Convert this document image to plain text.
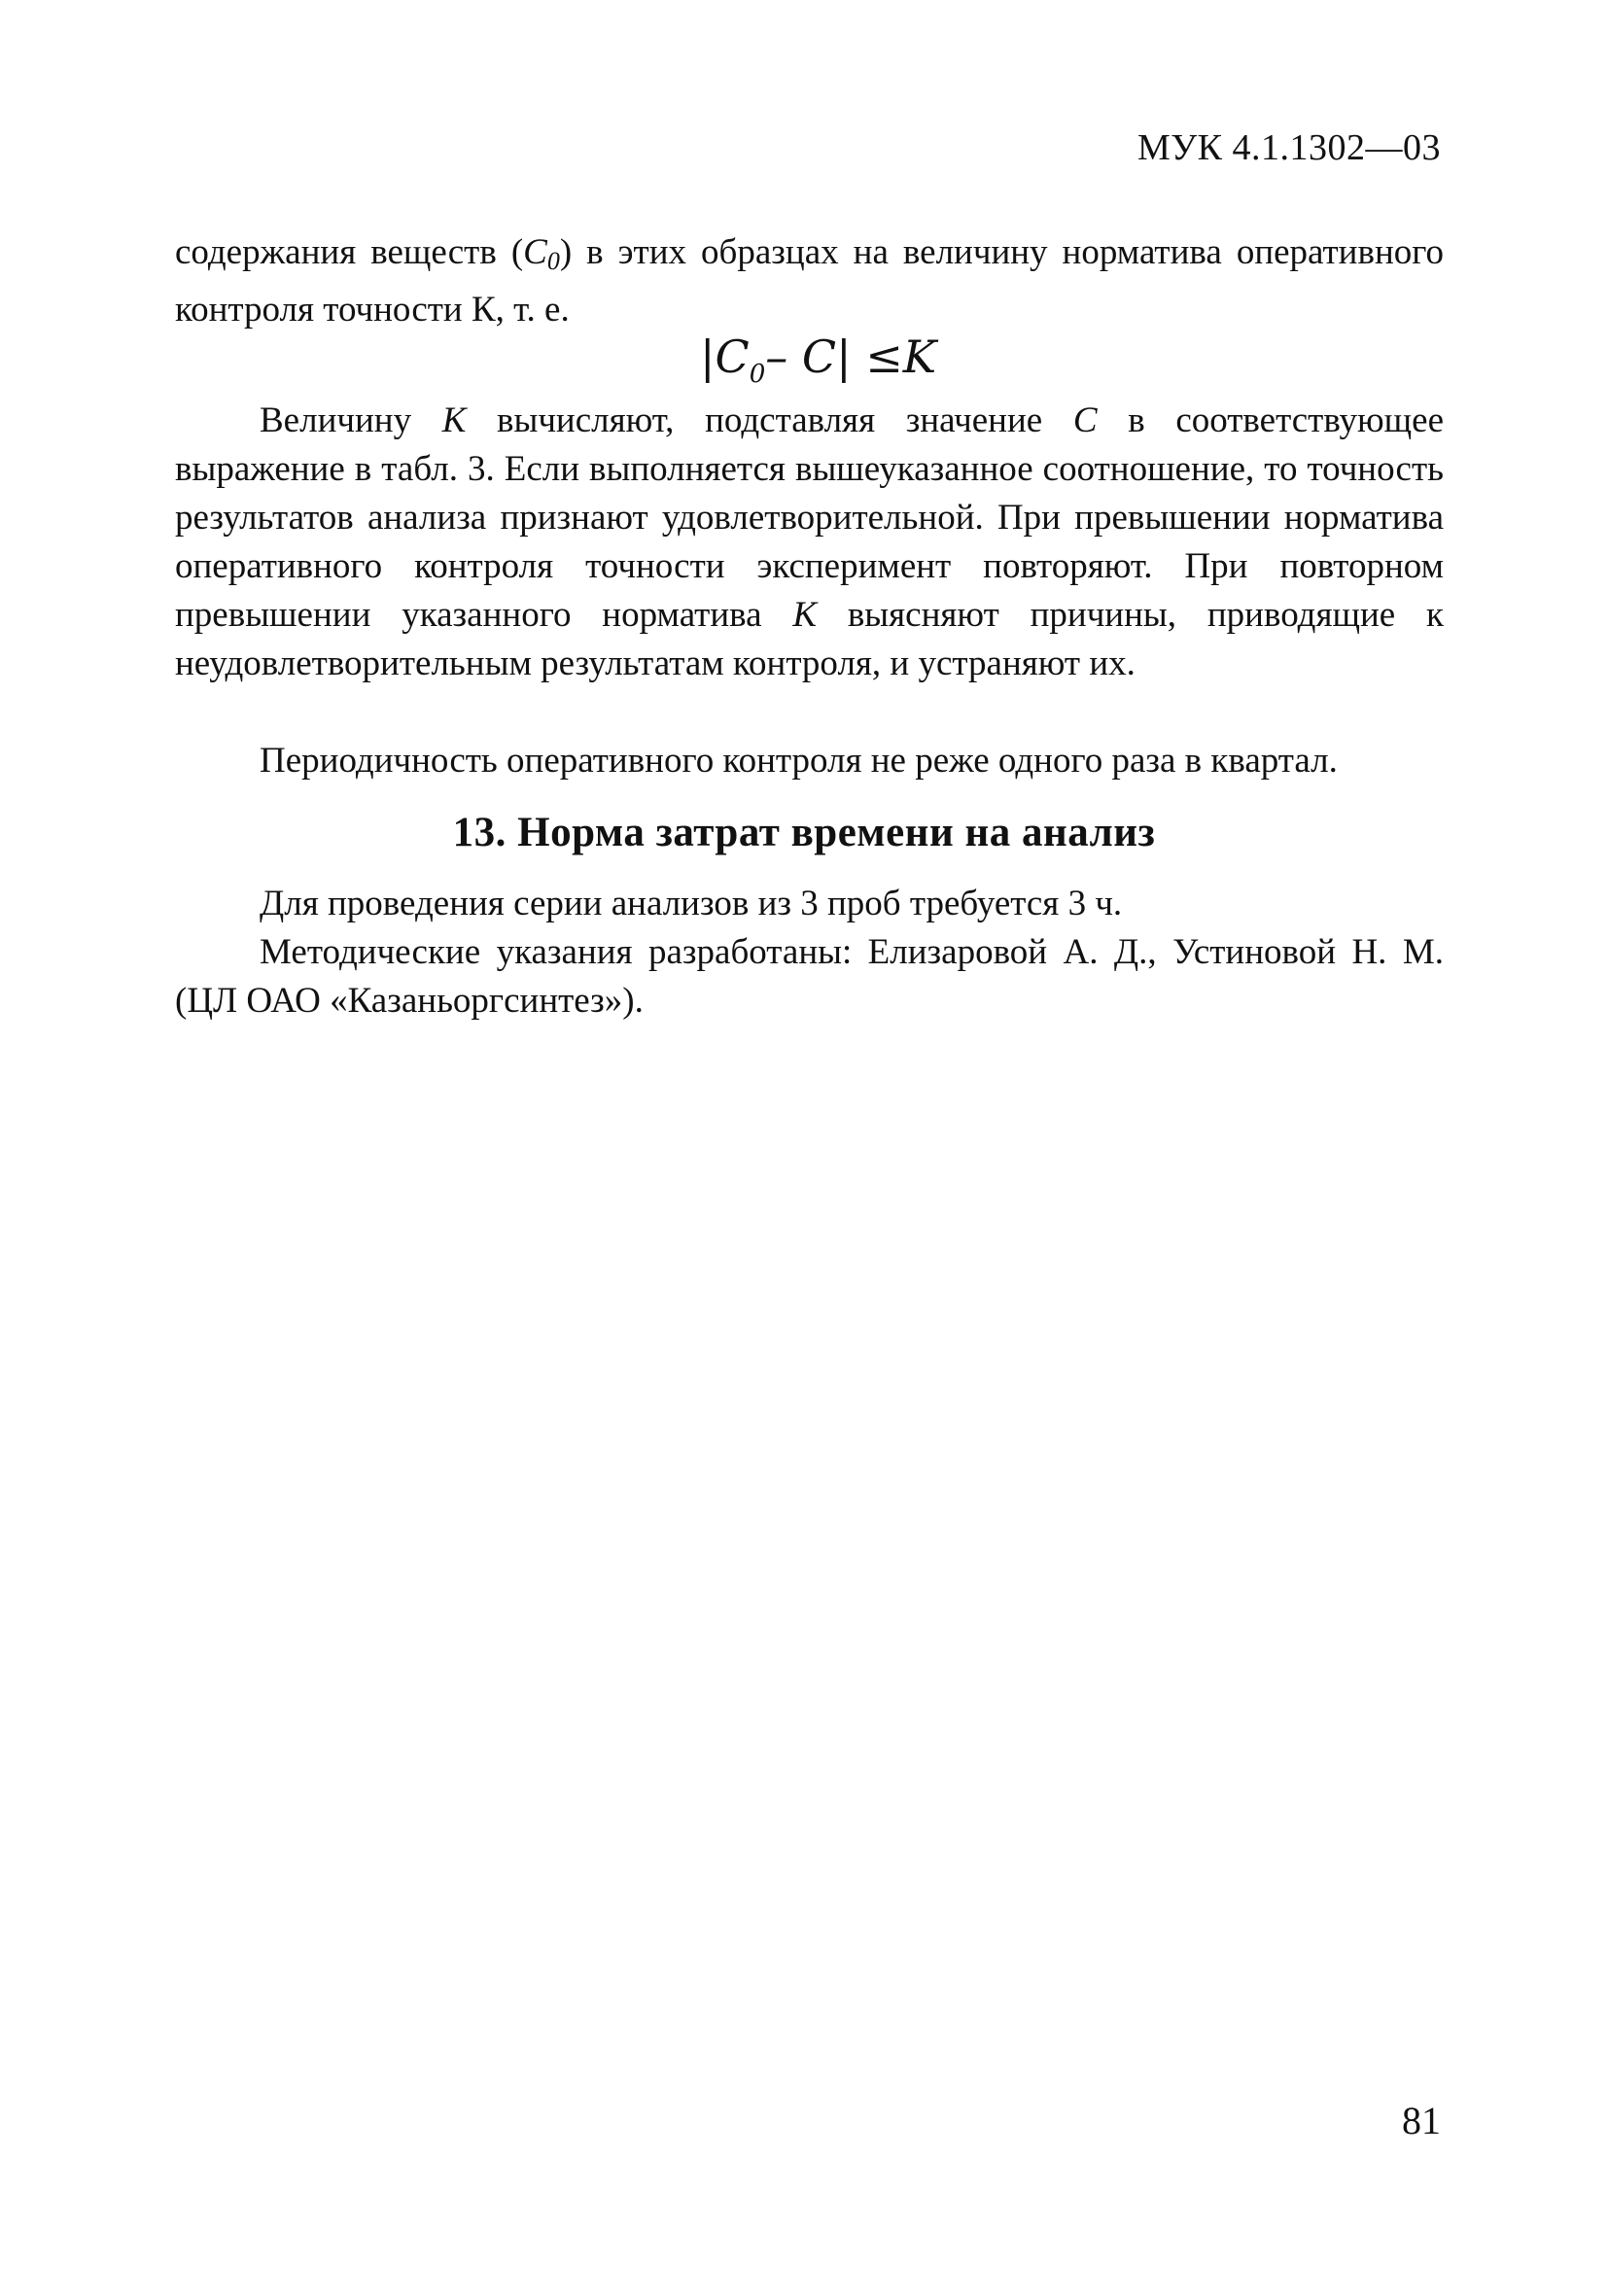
МУК 4.1.1302—03

содержания веществ $(C_0)$ в этих образцах на величину норматива оперативного контроля точности К, т. е.

$|C_0-$ C| ≤K

Величину К вычисляют, подставляя значение С в соответствующее выражение в табл. 3. Если выполняется вышеуказанное соотношение, то точность результатов анализа признают удовлетворительной. При превышении норматива оперативного контроля точности эксперимент повторяют. При повторном превышении указанного норматива К выясняют причины, приводящие к неудовлетворительным результатам контроля, и устраняют их.

Периодичность оперативного контроля не реже одного раза в квартал.

13. Норма затрат времени на анализ

Для проведения серии анализов из 3 проб требуется 3 ч.

Методические указания разработаны: Елизаровой А. Д., Устиновой Н. М. (ЦЛ ОАО «Казаньоргсинтез»).

81
